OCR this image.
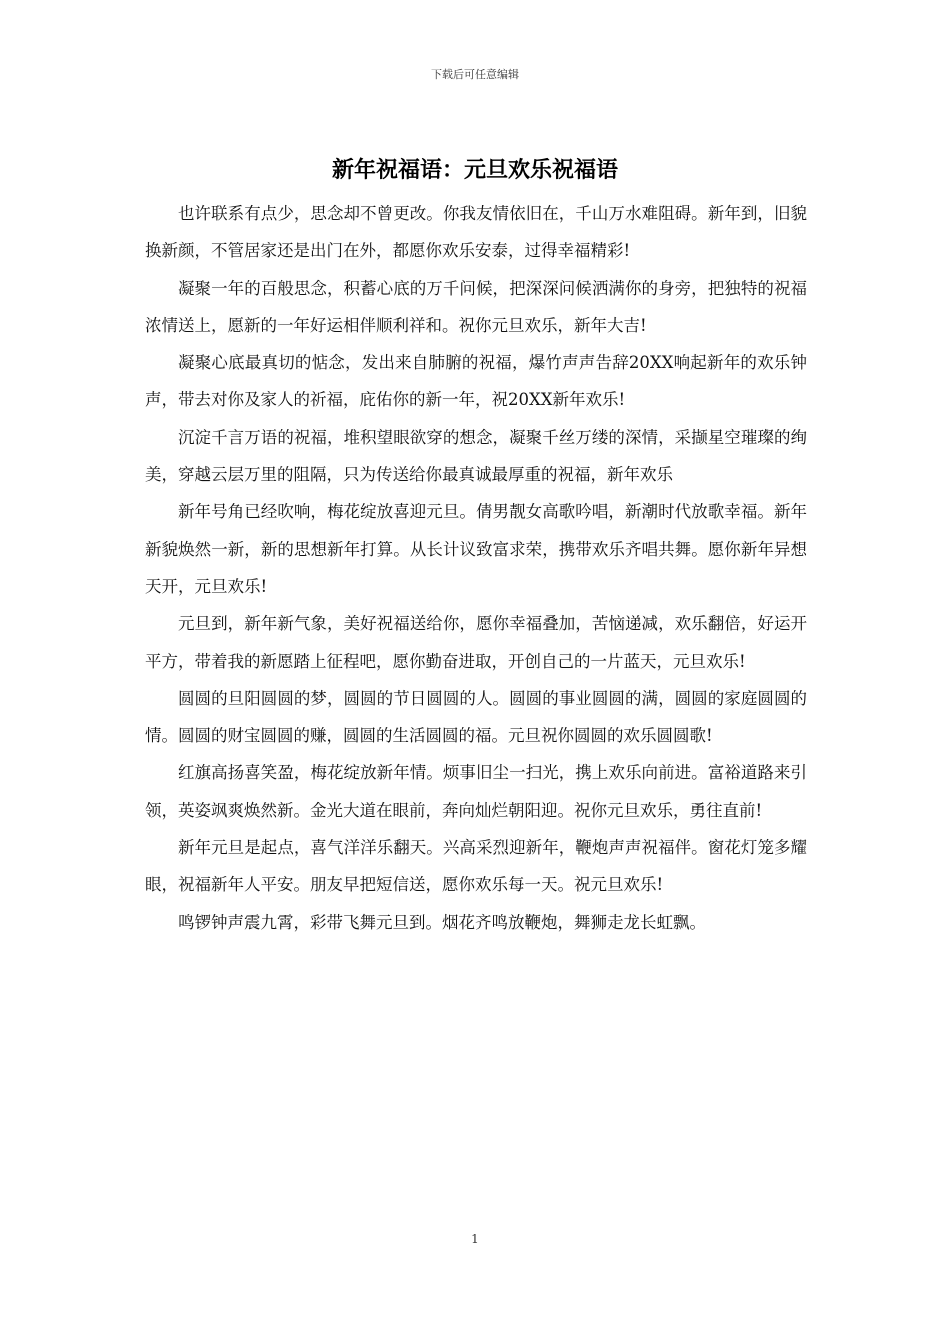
下载后可任意编辑
新年祝福语：元旦欢乐祝福语

也许联系有点少，思念却不曾更改。你我友情依旧在，千山万水难阻碍。新年到，旧貌换新颜，不管居家还是出门在外，都愿你欢乐安泰，过得幸福精彩!

凝聚一年的百般思念，积蓄心底的万千问候，把深深问候洒满你的身旁，把独特的祝福浓情送上，愿新的一年好运相伴顺利祥和。祝你元旦欢乐，新年大吉!

凝聚心底最真切的惦念，发出来自肺腑的祝福，爆竹声声告辞20XX响起新年的欢乐钟声，带去对你及家人的祈福，庇佑你的新一年，祝20XX新年欢乐!

沉淀千言万语的祝福，堆积望眼欲穿的想念，凝聚千丝万缕的深情，采撷星空璀璨的绚美，穿越云层万里的阻隔，只为传送给你最真诚最厚重的祝福，新年欢乐

新年号角已经吹响，梅花绽放喜迎元旦。倩男靓女高歌吟唱，新潮时代放歌幸福。新年新貌焕然一新，新的思想新年打算。从长计议致富求荣，携带欢乐齐唱共舞。愿你新年异想天开，元旦欢乐!

元旦到，新年新气象，美好祝福送给你，愿你幸福叠加，苦恼递减，欢乐翻倍，好运开平方，带着我的新愿踏上征程吧，愿你勤奋进取，开创自己的一片蓝天，元旦欢乐!

圆圆的旦阳圆圆的梦，圆圆的节日圆圆的人。圆圆的事业圆圆的满，圆圆的家庭圆圆的情。圆圆的财宝圆圆的赚，圆圆的生活圆圆的福。元旦祝你圆圆的欢乐圆圆歌!

红旗高扬喜笑盈，梅花绽放新年情。烦事旧尘一扫光，携上欢乐向前进。富裕道路来引领，英姿飒爽焕然新。金光大道在眼前，奔向灿烂朝阳迎。祝你元旦欢乐，勇往直前!

新年元旦是起点，喜气洋洋乐翻天。兴高采烈迎新年，鞭炮声声祝福伴。窗花灯笼多耀眼，祝福新年人平安。朋友早把短信送，愿你欢乐每一天。祝元旦欢乐!

鸣锣钟声震九霄，彩带飞舞元旦到。烟花齐鸣放鞭炮，舞狮走龙长虹飘。

1
